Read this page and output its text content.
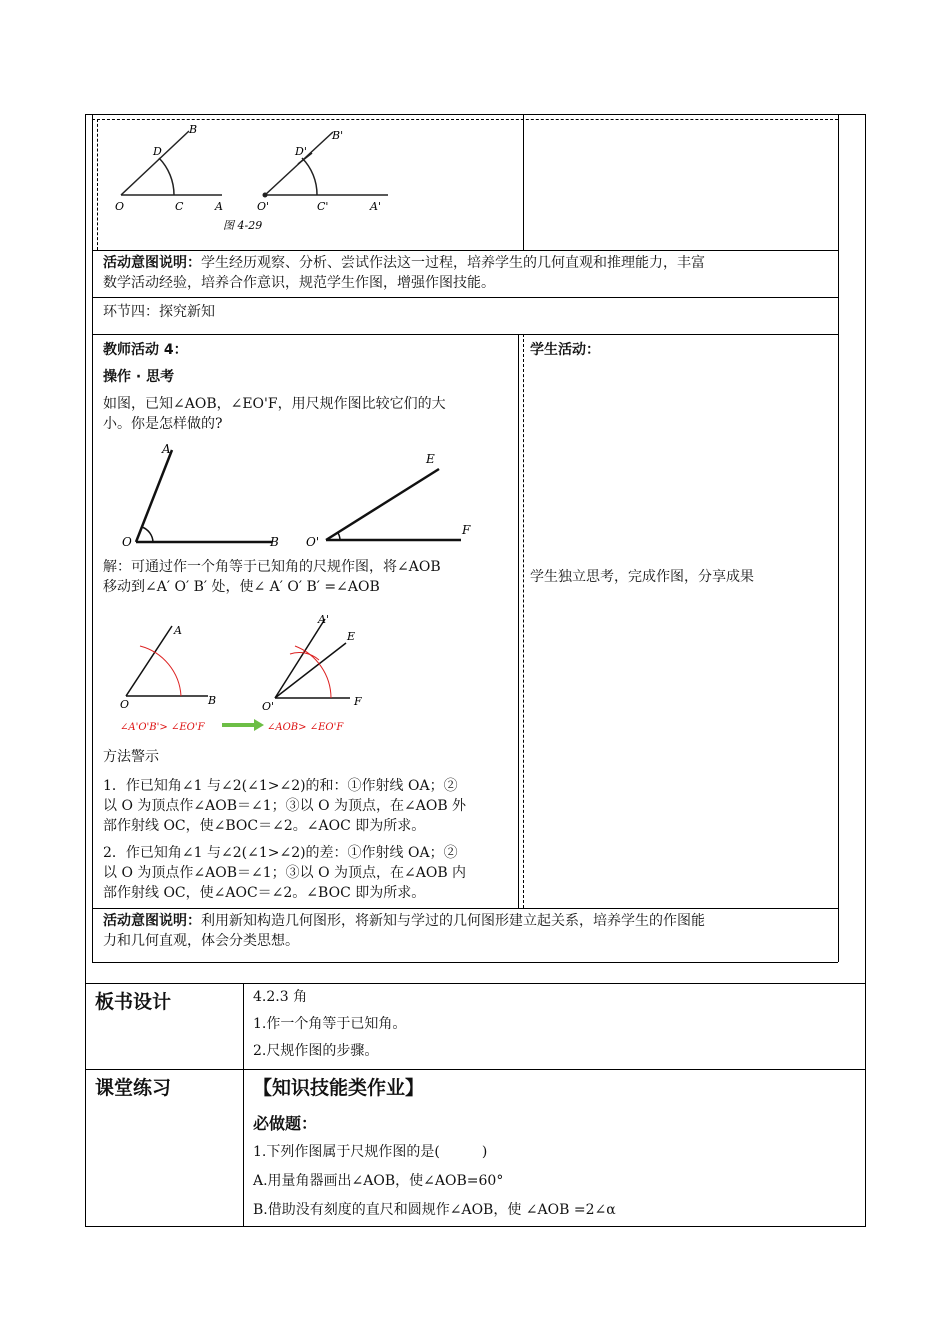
B
D
O	C	A
B'
D'
O'	C'	A'
图 4-29
活动意图说明：学生经历观察、分析、尝试作法这一过程，培养学生的几何直观和推理能力，丰富
数学活动经验，培养合作意识，规范学生作图，增强作图技能。
环节四：探究新知
教师活动 4：
操作 · 思考
如图，已知∠AOB，∠EO'F，用尺规作图比较它们的大
小。你是怎样做的?
A
O	B
E
O'
F
解：可通过作一个角等于已知角的尺规作图，将∠AOB
移动到∠A′ O′ B′ 处，使∠ A′ O′ B′ =∠AOB
A
O	B
A'
E
O'	F
∠A'O'B'> ∠EO'F	∠AOB> ∠EO'F
方法警示
1．作已知角∠1 与∠2(∠1>∠2)的和：①作射线 OA；②
以 O 为顶点作∠AOB＝∠1；③以 O 为顶点，在∠AOB 外
部作射线 OC，使∠BOC＝∠2。∠AOC 即为所求。
2．作已知角∠1 与∠2(∠1>∠2)的差：①作射线 OA；②
以 O 为顶点作∠AOB＝∠1；③以 O 为顶点，在∠AOB 内
部作射线 OC，使∠AOC＝∠2。∠BOC 即为所求。
学生活动：
学生独立思考，完成作图，分享成果
活动意图说明：利用新知构造几何图形，将新知与学过的几何图形建立起关系，培养学生的作图能
力和几何直观，体会分类思想。
板书设计	4.2.3 角
1.作一个角等于已知角。
2.尺规作图的步骤。
课堂练习	【知识技能类作业】
必做题：
1.下列作图属于尺规作图的是(　　　)
A.用量角器画出∠AOB，使∠AOB=60°
B.借助没有刻度的直尺和圆规作∠AOB，使 ∠AOB =2∠α
